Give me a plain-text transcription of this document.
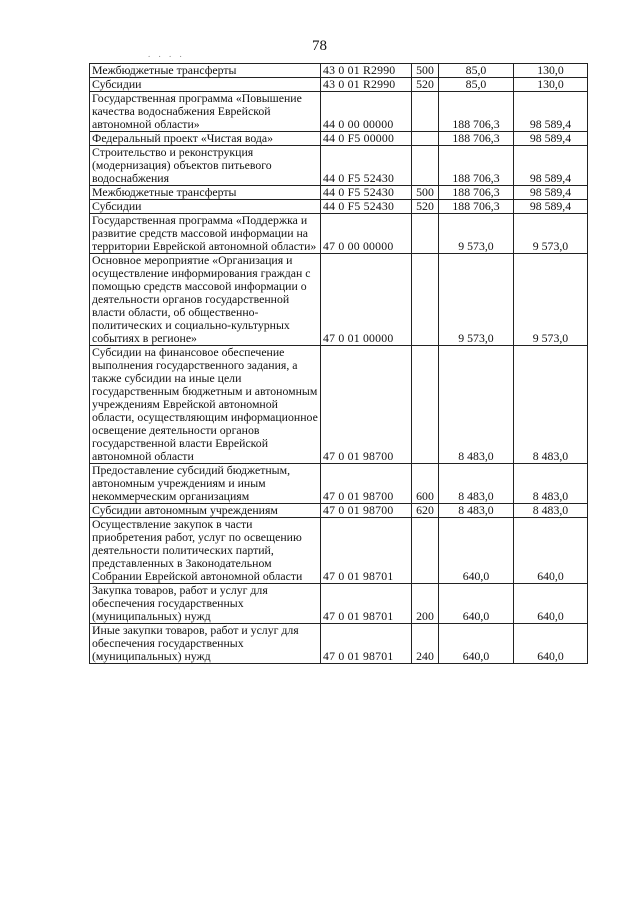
78
. . . .
Межбюджетные трансферты	43 0 01 R2990	500	85,0	130,0
Субсидии	43 0 01 R2990	520	85,0	130,0
Государственная программа «Повышение качества водоснабжения Еврейской автономной области»	44 0 00 00000		188 706,3	98 589,4
Федеральный проект «Чистая вода»	44 0 F5 00000		188 706,3	98 589,4
Строительство и реконструкция (модернизация) объектов питьевого водоснабжения	44 0 F5 52430		188 706,3	98 589,4
Межбюджетные трансферты	44 0 F5 52430	500	188 706,3	98 589,4
Субсидии	44 0 F5 52430	520	188 706,3	98 589,4
Государственная программа «Поддержка и развитие средств массовой информации на территории Еврейской автономной области»	47 0 00 00000		9 573,0	9 573,0
Основное мероприятие «Организация и осуществление информирования граждан с помощью средств массовой информации о деятельности органов государственной власти области, об общественно-политических и социально-культурных событиях в регионе»	47 0 01 00000		9 573,0	9 573,0
Субсидии на финансовое обеспечение выполнения государственного задания, а также субсидии на иные цели государственным бюджетным и автономным учреждениям Еврейской автономной области, осуществляющим информационное освещение деятельности органов государственной власти Еврейской автономной области	47 0 01 98700		8 483,0	8 483,0
Предоставление субсидий бюджетным, автономным учреждениям и иным некоммерческим организациям	47 0 01 98700	600	8 483,0	8 483,0
Субсидии автономным учреждениям	47 0 01 98700	620	8 483,0	8 483,0
Осуществление закупок в части приобретения работ, услуг по освещению деятельности политических партий, представленных в Законодательном Собрании Еврейской автономной области	47 0 01 98701		640,0	640,0
Закупка товаров, работ и услуг для обеспечения государственных (муниципальных) нужд	47 0 01 98701	200	640,0	640,0
Иные закупки товаров, работ и услуг для обеспечения государственных (муниципальных) нужд	47 0 01 98701	240	640,0	640,0
